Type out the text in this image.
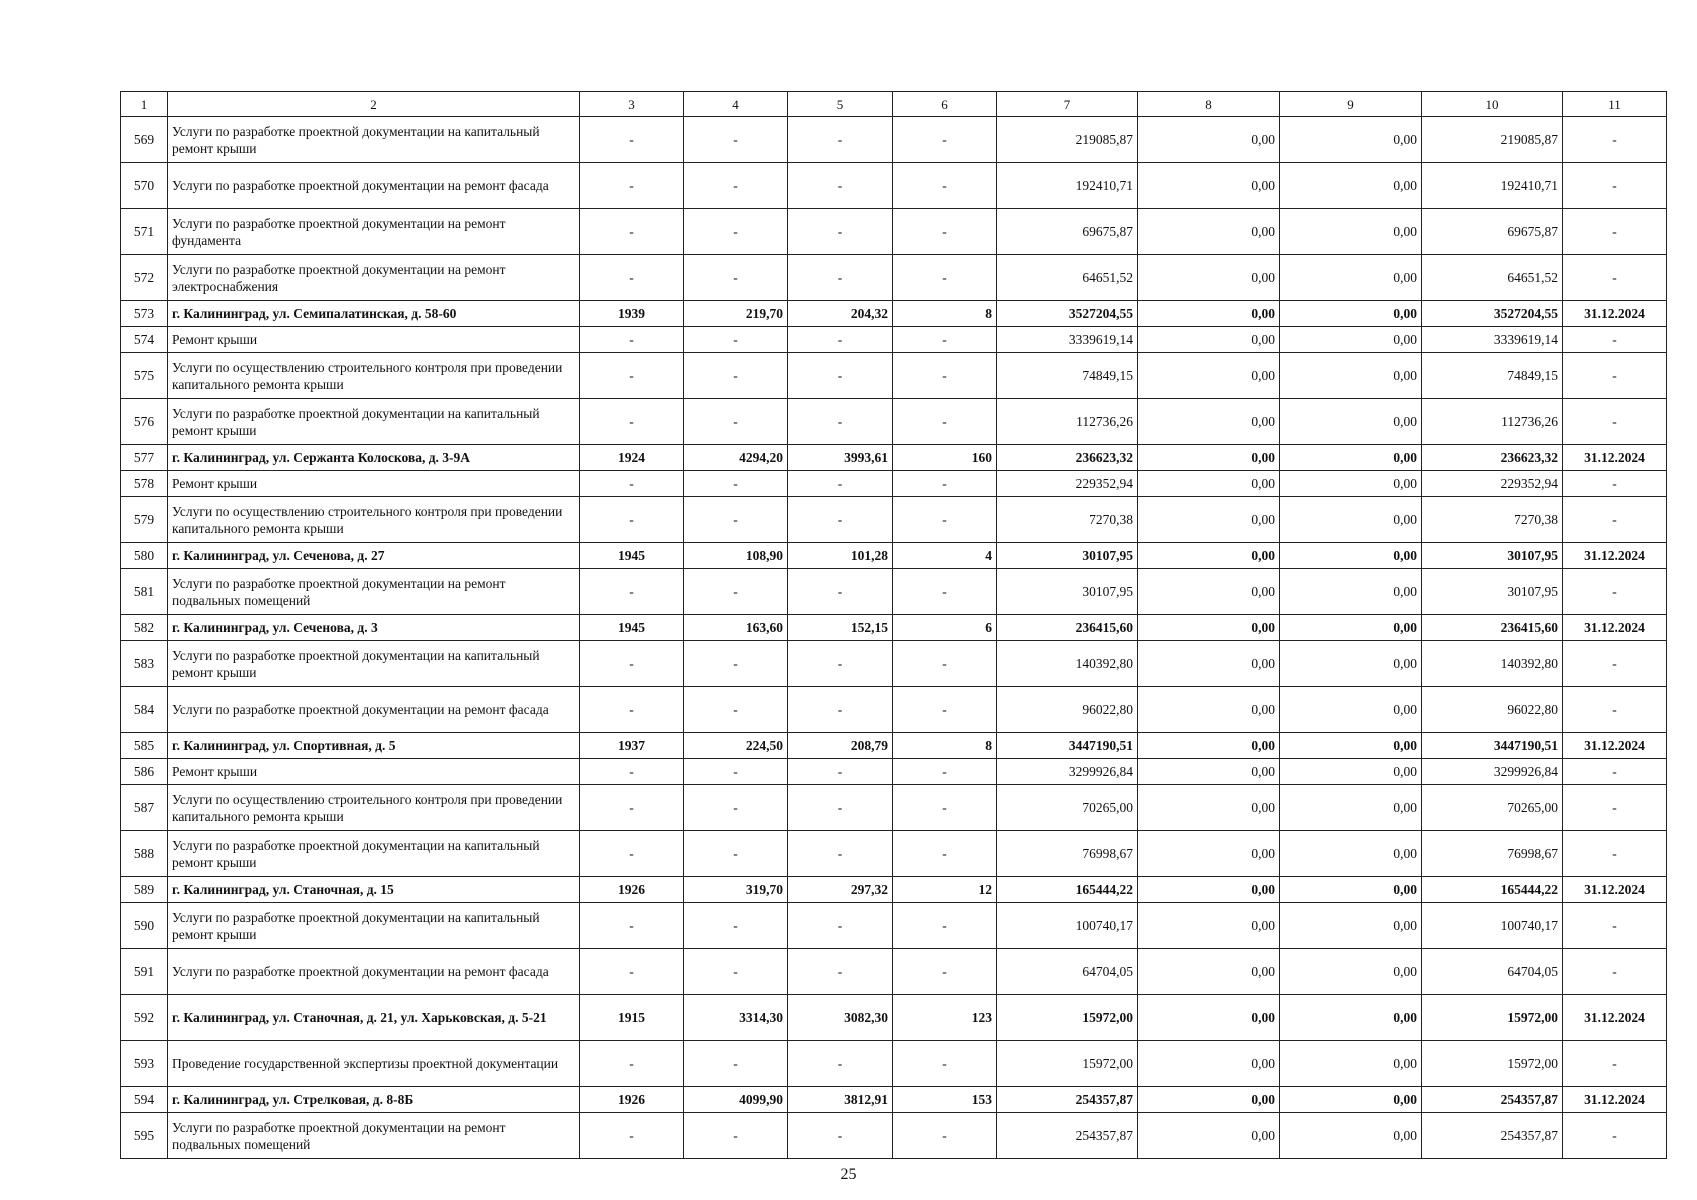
1	2	3	4	5	6	7	8	9	10	11
569	Услуги по разработке проектной документации на капитальный ремонт крыши	-	-	-	-	219085,87	0,00	0,00	219085,87	-
570	Услуги по разработке проектной документации на ремонт фасада	-	-	-	-	192410,71	0,00	0,00	192410,71	-
571	Услуги по разработке проектной документации на ремонт фундамента	-	-	-	-	69675,87	0,00	0,00	69675,87	-
572	Услуги по разработке проектной документации на ремонт электроснабжения	-	-	-	-	64651,52	0,00	0,00	64651,52	-
573	г. Калининград, ул. Семипалатинская, д. 58-60	1939	219,70	204,32	8	3527204,55	0,00	0,00	3527204,55	31.12.2024
574	Ремонт крыши	-	-	-	-	3339619,14	0,00	0,00	3339619,14	-
575	Услуги по осуществлению строительного контроля при проведении капитального ремонта крыши	-	-	-	-	74849,15	0,00	0,00	74849,15	-
576	Услуги по разработке проектной документации на капитальный ремонт крыши	-	-	-	-	112736,26	0,00	0,00	112736,26	-
577	г. Калининград, ул. Сержанта Колоскова, д. 3-9А	1924	4294,20	3993,61	160	236623,32	0,00	0,00	236623,32	31.12.2024
578	Ремонт крыши	-	-	-	-	229352,94	0,00	0,00	229352,94	-
579	Услуги по осуществлению строительного контроля при проведении капитального ремонта крыши	-	-	-	-	7270,38	0,00	0,00	7270,38	-
580	г. Калининград, ул. Сеченова, д. 27	1945	108,90	101,28	4	30107,95	0,00	0,00	30107,95	31.12.2024
581	Услуги по разработке проектной документации на ремонт подвальных помещений	-	-	-	-	30107,95	0,00	0,00	30107,95	-
582	г. Калининград, ул. Сеченова, д. 3	1945	163,60	152,15	6	236415,60	0,00	0,00	236415,60	31.12.2024
583	Услуги по разработке проектной документации на капитальный ремонт крыши	-	-	-	-	140392,80	0,00	0,00	140392,80	-
584	Услуги по разработке проектной документации на ремонт фасада	-	-	-	-	96022,80	0,00	0,00	96022,80	-
585	г. Калининград, ул. Спортивная, д. 5	1937	224,50	208,79	8	3447190,51	0,00	0,00	3447190,51	31.12.2024
586	Ремонт крыши	-	-	-	-	3299926,84	0,00	0,00	3299926,84	-
587	Услуги по осуществлению строительного контроля при проведении капитального ремонта крыши	-	-	-	-	70265,00	0,00	0,00	70265,00	-
588	Услуги по разработке проектной документации на капитальный ремонт крыши	-	-	-	-	76998,67	0,00	0,00	76998,67	-
589	г. Калининград, ул. Станочная, д. 15	1926	319,70	297,32	12	165444,22	0,00	0,00	165444,22	31.12.2024
590	Услуги по разработке проектной документации на капитальный ремонт крыши	-	-	-	-	100740,17	0,00	0,00	100740,17	-
591	Услуги по разработке проектной документации на ремонт фасада	-	-	-	-	64704,05	0,00	0,00	64704,05	-
592	г. Калининград, ул. Станочная, д. 21, ул. Харьковская, д. 5-21	1915	3314,30	3082,30	123	15972,00	0,00	0,00	15972,00	31.12.2024
593	Проведение государственной экспертизы проектной документации	-	-	-	-	15972,00	0,00	0,00	15972,00	-
594	г. Калининград, ул. Стрелковая, д. 8-8Б	1926	4099,90	3812,91	153	254357,87	0,00	0,00	254357,87	31.12.2024
595	Услуги по разработке проектной документации на ремонт подвальных помещений	-	-	-	-	254357,87	0,00	0,00	254357,87	-
25
